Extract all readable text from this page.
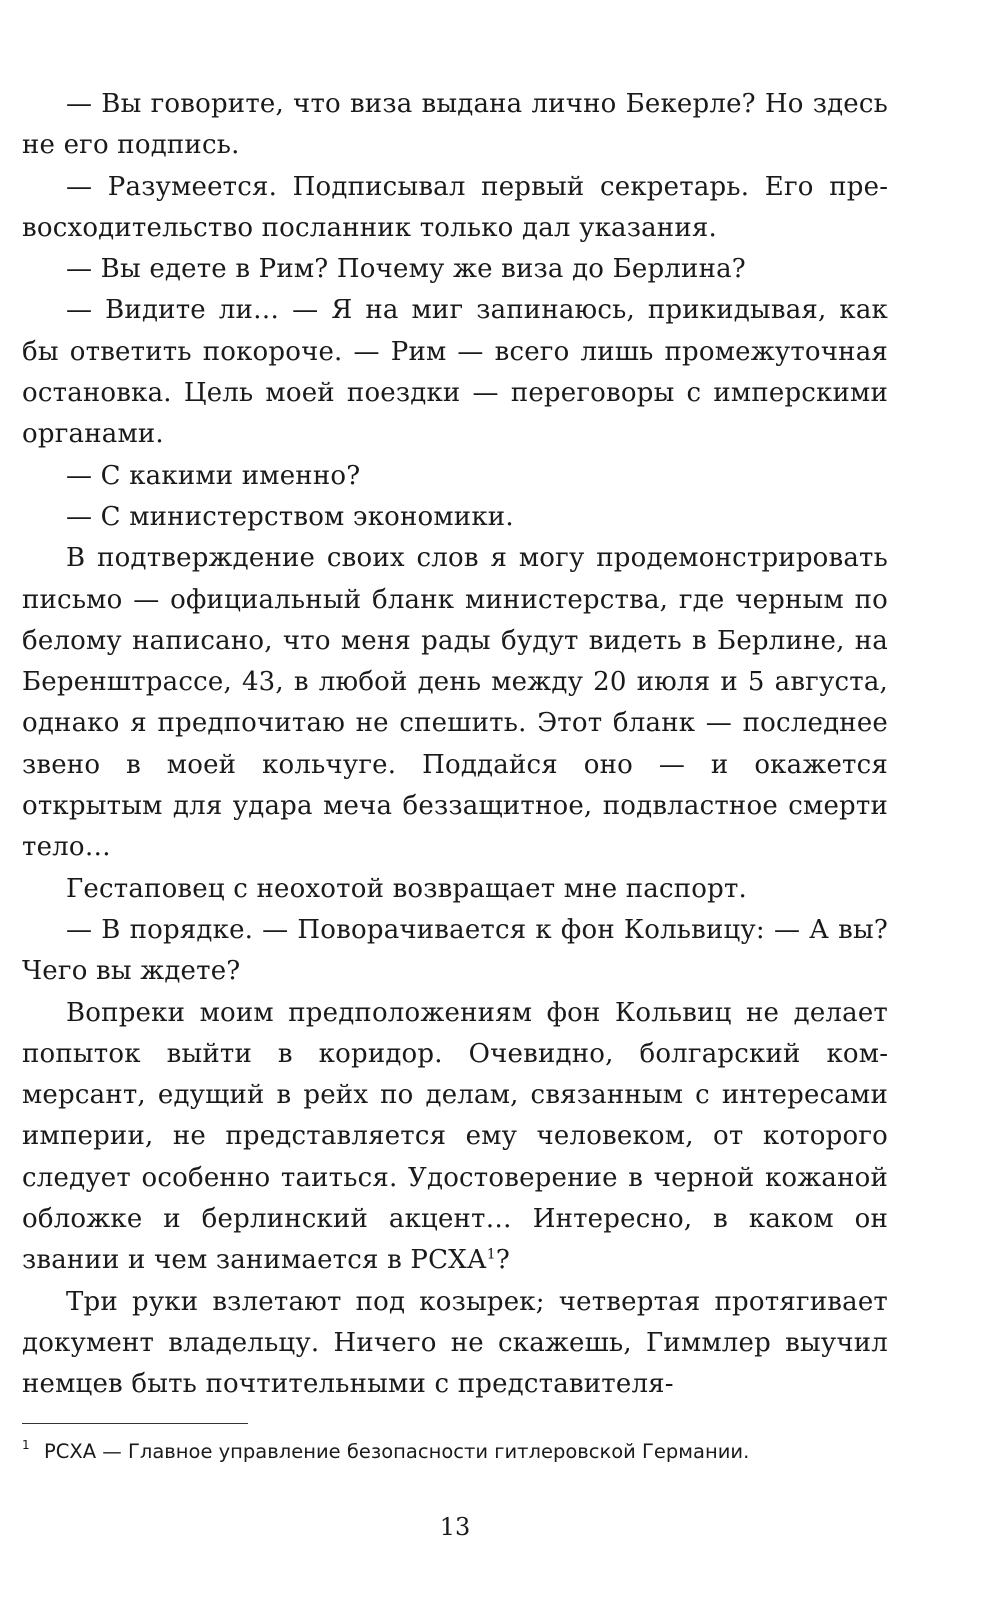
— Вы говорите, что виза выдана лично Бекерле? Но здесь не его подпись.

— Разумеется. Подписывал первый секретарь. Его превосходительство посланник только дал указания.

— Вы едете в Рим? Почему же виза до Берлина?

— Видите ли… — Я на миг запинаюсь, прикидывая, как бы ответить покороче. — Рим — всего лишь промежуточная остановка. Цель моей поездки — переговоры с имперскими органами.

— С какими именно?

— С министерством экономики.

В подтверждение своих слов я могу продемонстрировать письмо — официальный бланк министерства, где черным по белому написано, что меня рады будут видеть в Берлине, на Беренштрассе, 43, в любой день между 20 июля и 5 августа, однако я предпочитаю не спешить. Этот бланк — последнее звено в моей кольчуге. Поддайся оно — и окажется открытым для удара меча беззащитное, подвластное смерти тело…

Гестаповец с неохотой возвращает мне паспорт.

— В порядке. — Поворачивается к фон Кольвицу: — А вы? Чего вы ждете?

Вопреки моим предположениям фон Кольвиц не делает попыток выйти в коридор. Очевидно, болгарский коммерсант, едущий в рейх по делам, связанным с интересами империи, не представляется ему человеком, от которого следует особенно таиться. Удостоверение в черной кожаной обложке и берлинский акцент… Интересно, в каком он звании и чем занимается в РСХА$^1$?

Три руки взлетают под козырек; четвертая протягивает документ владельцу. Ничего не скажешь, Гиммлер выучил немцев быть почтительными с представителя-

1 РСХА — Главное управление безопасности гитлеровской Германии.
13
